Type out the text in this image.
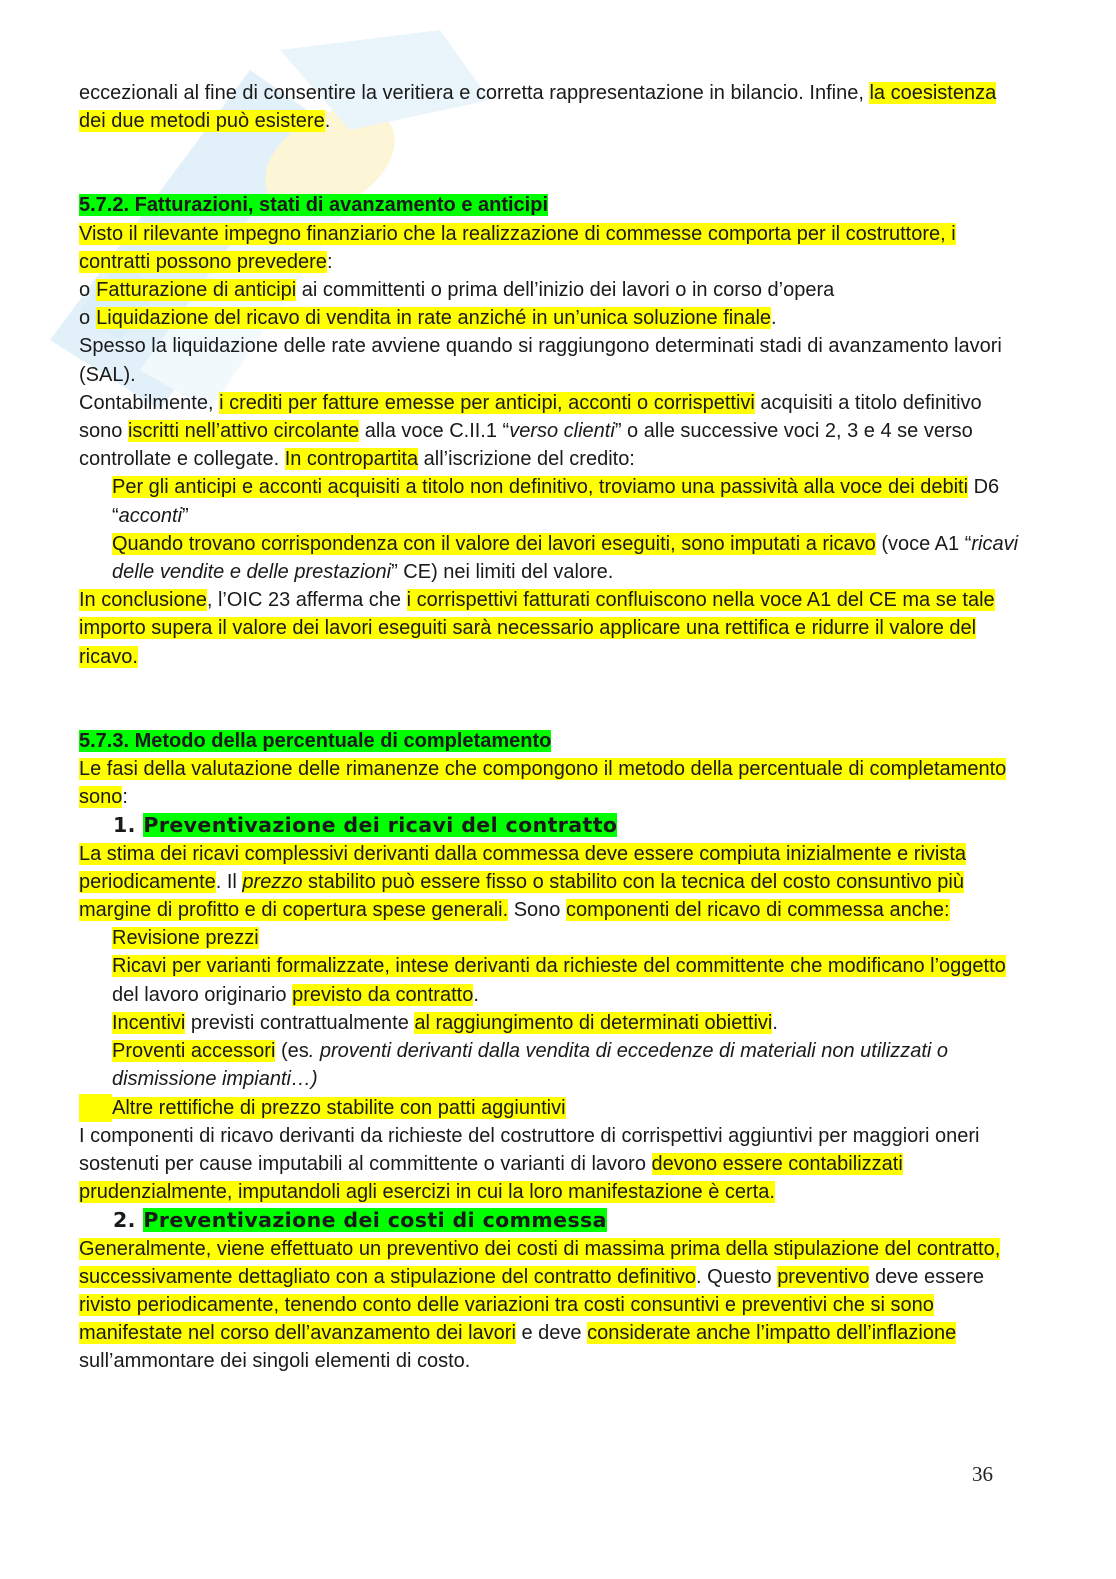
eccezionali al fine di consentire la veritiera e corretta rappresentazione in bilancio. Infine, la coesistenza dei due metodi può esistere.

5.7.2. Fatturazioni, stati di avanzamento e anticipi

Visto il rilevante impegno finanziario che la realizzazione di commesse comporta per il costruttore, i contratti possono prevedere:

o Fatturazione di anticipi ai committenti o prima dell’inizio dei lavori o in corso d’opera

o Liquidazione del ricavo di vendita in rate anziché in un’unica soluzione finale.

Spesso la liquidazione delle rate avviene quando si raggiungono determinati stadi di avanzamento lavori (SAL).

Contabilmente, i crediti per fatture emesse per anticipi, acconti o corrispettivi acquisiti a titolo definitivo sono iscritti nell’attivo circolante alla voce C.II.1 “verso clienti” o alle successive voci 2, 3 e 4 se verso controllate e collegate. In contropartita all’iscrizione del credito:

Per gli anticipi e acconti acquisiti a titolo non definitivo, troviamo una passività alla voce dei debiti D6 “acconti”
Quando trovano corrispondenza con il valore dei lavori eseguiti, sono imputati a ricavo (voce A1 “ricavi delle vendite e delle prestazioni” CE) nei limiti del valore.

In conclusione, l’OIC 23 afferma che i corrispettivi fatturati confluiscono nella voce A1 del CE ma se tale importo supera il valore dei lavori eseguiti sarà necessario applicare una rettifica e ridurre il valore del ricavo.

5.7.3. Metodo della percentuale di completamento

Le fasi della valutazione delle rimanenze che compongono il metodo della percentuale di completamento sono:

1. Preventivazione dei ricavi del contratto

La stima dei ricavi complessivi derivanti dalla commessa deve essere compiuta inizialmente e rivista periodicamente. Il prezzo stabilito può essere fisso o stabilito con la tecnica del costo consuntivo più margine di profitto e di copertura spese generali. Sono componenti del ricavo di commessa anche:

Revisione prezzi
Ricavi per varianti formalizzate, intese derivanti da richieste del committente che modificano l’oggetto del lavoro originario previsto da contratto.
Incentivi previsti contrattualmente al raggiungimento di determinati obiettivi.
Proventi accessori (es. proventi derivanti dalla vendita di eccedenze di materiali non utilizzati o dismissione impianti…)
Altre rettifiche di prezzo stabilite con patti aggiuntivi

I componenti di ricavo derivanti da richieste del costruttore di corrispettivi aggiuntivi per maggiori oneri sostenuti per cause imputabili al committente o varianti di lavoro devono essere contabilizzati prudenzialmente, imputandoli agli esercizi in cui la loro manifestazione è certa.

2. Preventivazione dei costi di commessa

Generalmente, viene effettuato un preventivo dei costi di massima prima della stipulazione del contratto, successivamente dettagliato con a stipulazione del contratto definitivo. Questo preventivo deve essere rivisto periodicamente, tenendo conto delle variazioni tra costi consuntivi e preventivi che si sono manifestate nel corso dell’avanzamento dei lavori e deve considerate anche l’impatto dell’inflazione sull’ammontare dei singoli elementi di costo.

36
